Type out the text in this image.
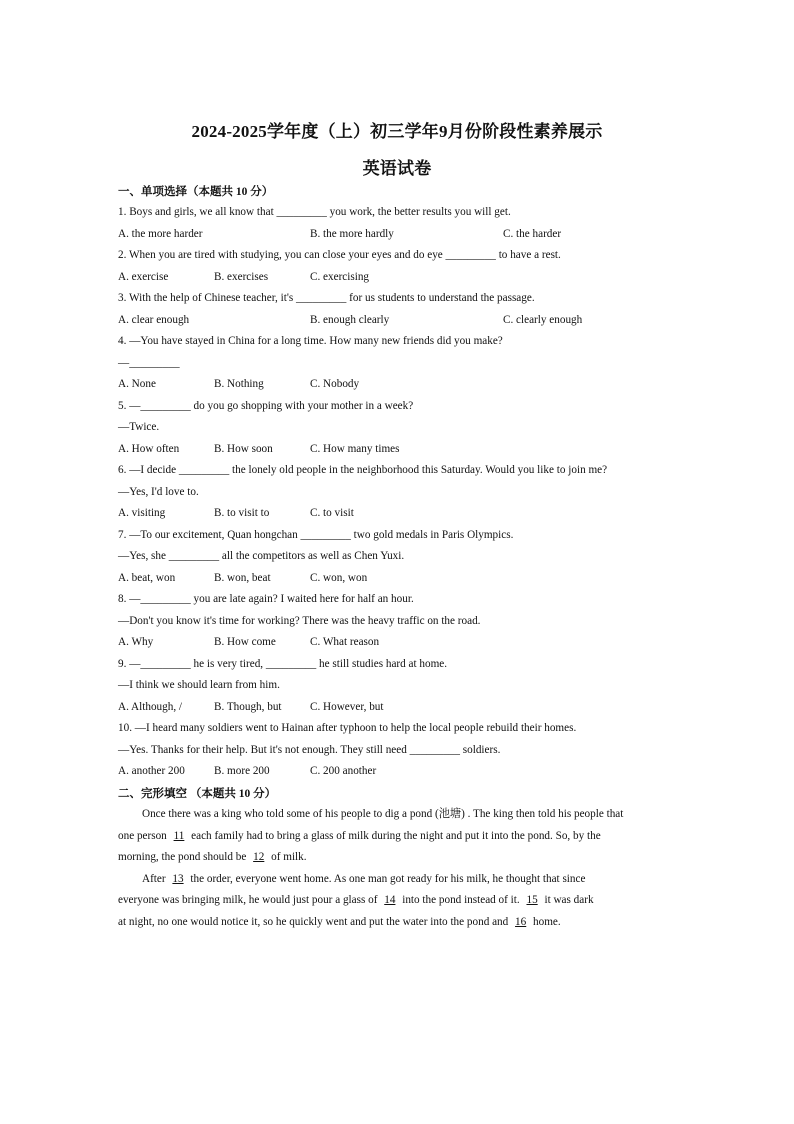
2024-2025学年度（上）初三学年9月份阶段性素养展示
英语试卷
一、单项选择（本题共 10 分）
1. Boys and girls, we all know that _________ you work, the better results you will get.
A. the more harder	B. the more hardly	C. the harder
2. When you are tired with studying, you can close your eyes and do eye _________ to have a rest.
A. exercise	B. exercises	C. exercising
3. With the help of Chinese teacher, it's _________ for us students to understand the passage.
A. clear enough	B. enough clearly	C. clearly enough
4. —You have stayed in China for a long time. How many new friends did you make?
—_________
A. None	B. Nothing	C. Nobody
5. —_________ do you go shopping with your mother in a week?
—Twice.
A. How often	B. How soon	C. How many times
6. —I decide _________ the lonely old people in the neighborhood this Saturday. Would you like to join me?
—Yes, I'd love to.
A. visiting	B. to visit to	C. to visit
7. —To our excitement, Quan hongchan _________ two gold medals in Paris Olympics.
—Yes, she _________ all the competitors as well as Chen Yuxi.
A. beat, won	B. won, beat	C. won, won
8. —_________ you are late again? I waited here for half an hour.
—Don't you know it's time for working? There was the heavy traffic on the road.
A. Why	B. How come	C. What reason
9. —_________ he is very tired, _________ he still studies hard at home.
—I think we should learn from him.
A. Although, /	B. Though, but	C. However, but
10. —I heard many soldiers went to Hainan after typhoon to help the local people rebuild their homes.
—Yes. Thanks for their help. But it's not enough. They still need _________ soldiers.
A. another 200	B. more 200	C. 200 another
二、完形填空 （本题共 10 分）
Once there was a king who told some of his people to dig a pond (池塘) . The king then told his people that
one person 11 each family had to bring a glass of milk during the night and put it into the pond. So, by the
morning, the pond should be 12 of milk.
After 13 the order, everyone went home. As one man got ready for his milk, he thought that since
everyone was bringing milk, he would just pour a glass of 14 into the pond instead of it. 15 it was dark
at night, no one would notice it, so he quickly went and put the water into the pond and 16 home.
